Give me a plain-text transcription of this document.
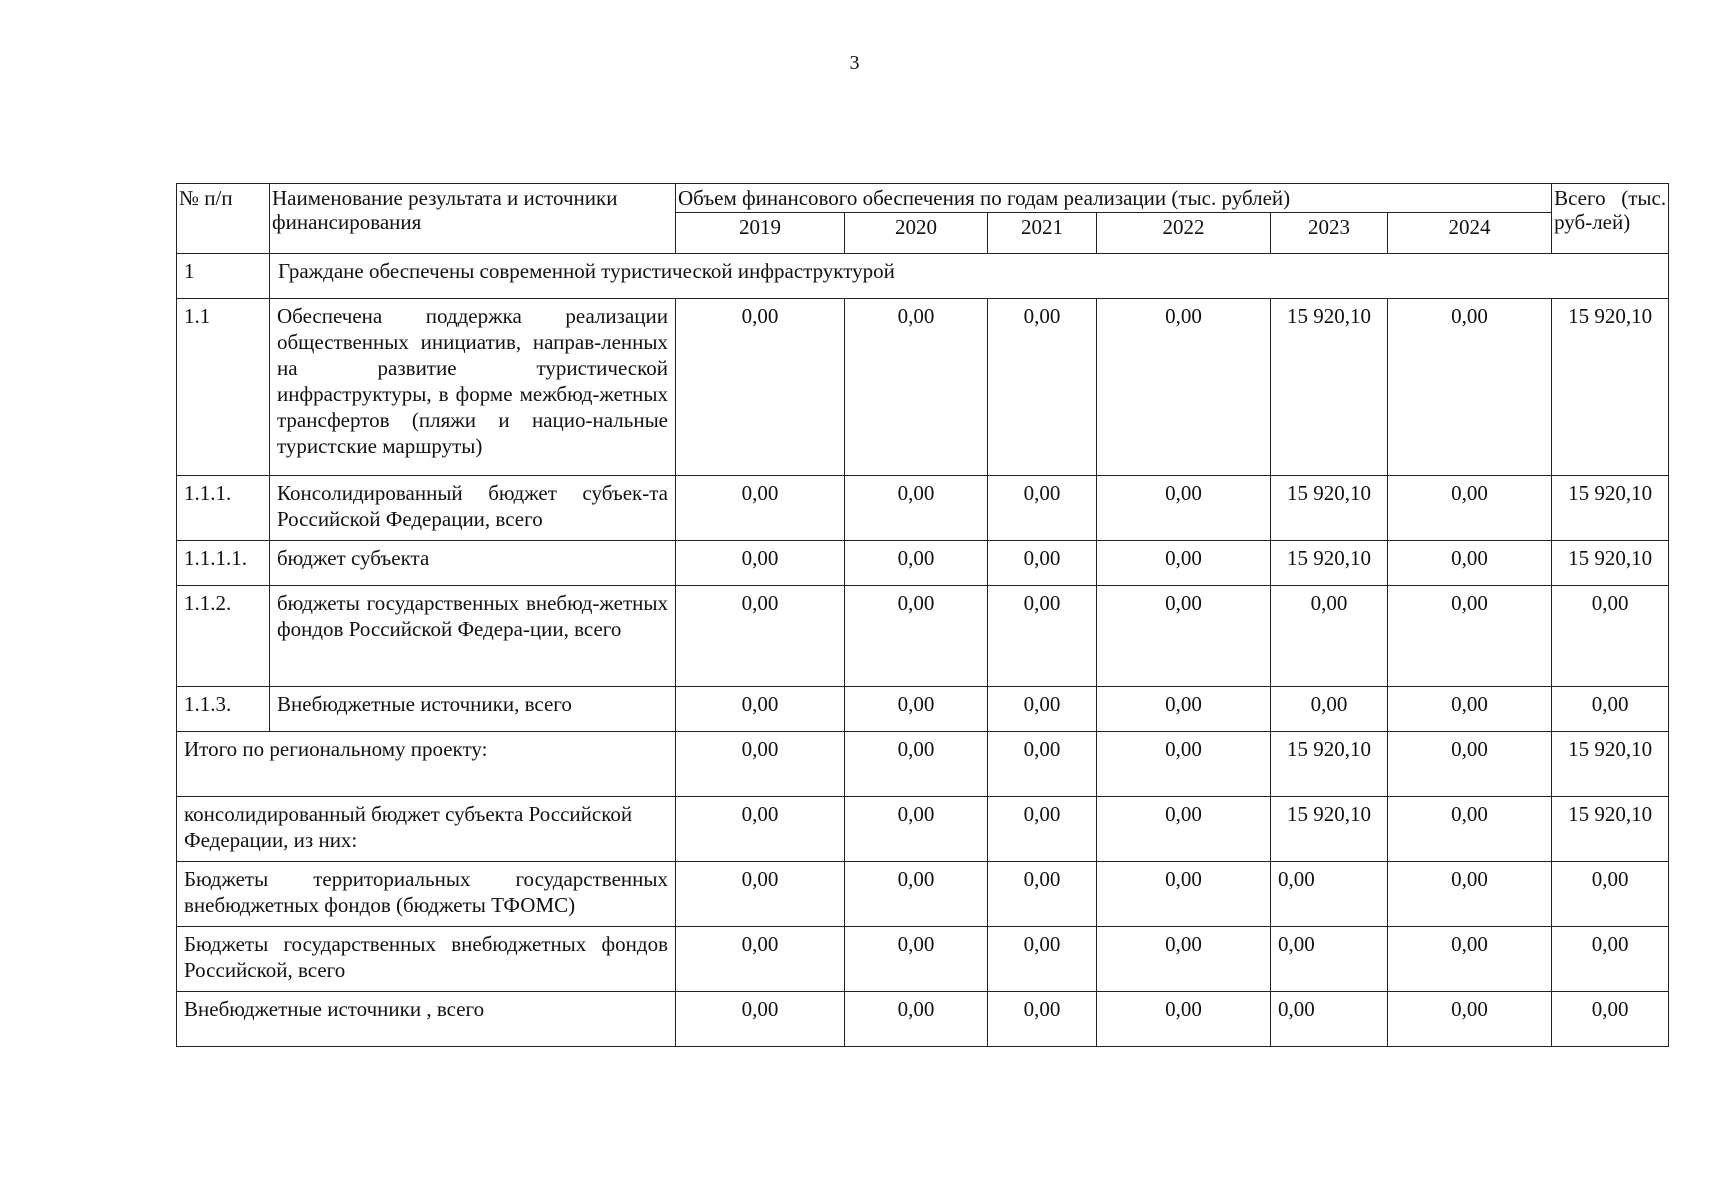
3
№ п/п	Наименование результата и источники финансирования	Объем финансового обеспечения по годам реализации (тыс. рублей)						Всего (тыс. руб-лей)
		2019	2020	2021	2022	2023	2024	
1	Граждане обеспечены современной туристической инфраструктурой							
1.1	Обеспечена поддержка реализации общественных инициатив, направ-ленных на развитие туристической инфраструктуры, в форме межбюд-жетных трансфертов (пляжи и нацио-нальные туристские маршруты)	0,00	0,00	0,00	0,00	15 920,10	0,00	15 920,10
1.1.1.	Консолидированный бюджет субъек-та Российской Федерации, всего	0,00	0,00	0,00	0,00	15 920,10	0,00	15 920,10
1.1.1.1.	бюджет субъекта	0,00	0,00	0,00	0,00	15 920,10	0,00	15 920,10
1.1.2.	бюджеты государственных внебюд-жетных фондов Российской Федера-ции, всего	0,00	0,00	0,00	0,00	0,00	0,00	0,00
1.1.3.	Внебюджетные источники, всего	0,00	0,00	0,00	0,00	0,00	0,00	0,00
Итого по региональному проекту:		0,00	0,00	0,00	0,00	15 920,10	0,00	15 920,10
консолидированный бюджет субъекта Российской Федерации, из них:		0,00	0,00	0,00	0,00	15 920,10	0,00	15 920,10
Бюджеты территориальных государственных внебюджетных фондов (бюджеты ТФОМС)		0,00	0,00	0,00	0,00	0,00	0,00	0,00
Бюджеты государственных внебюджетных фондов Российской, всего		0,00	0,00	0,00	0,00	0,00	0,00	0,00
Внебюджетные источники , всего		0,00	0,00	0,00	0,00	0,00	0,00	0,00
